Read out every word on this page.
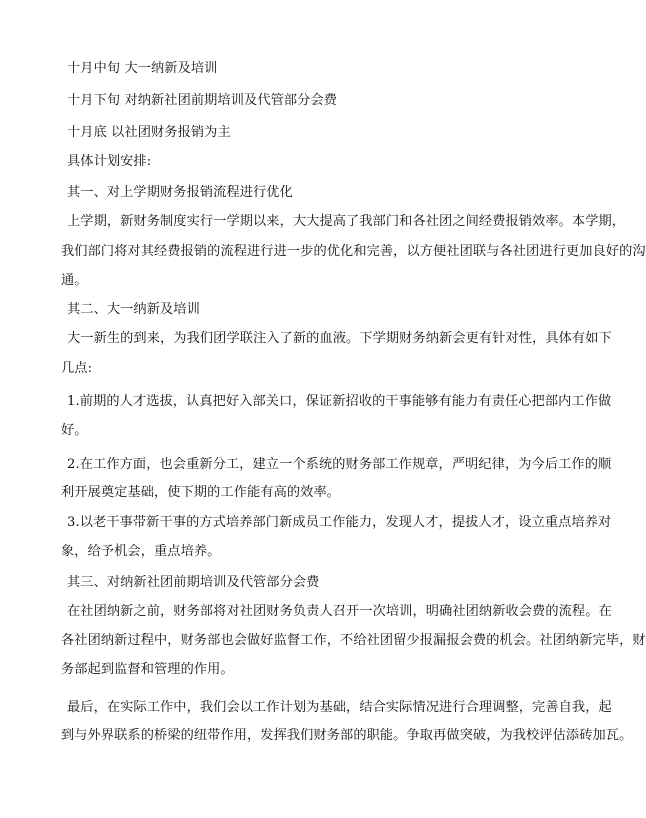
十月中旬 大一纳新及培训
十月下旬 对纳新社团前期培训及代管部分会费
十月底 以社团财务报销为主
具体计划安排:
其一、对上学期财务报销流程进行优化
上学期，新财务制度实行一学期以来，大大提高了我部门和各社团之间经费报销效率。本学期，
我们部门将对其经费报销的流程进行进一步的优化和完善，以方便社团联与各社团进行更加良好的沟
通。
其二、大一纳新及培训
大一新生的到来，为我们团学联注入了新的血液。下学期财务纳新会更有针对性，具体有如下
几点:
1.前期的人才选拔，认真把好入部关口，保证新招收的干事能够有能力有责任心把部内工作做
好。
2.在工作方面，也会重新分工，建立一个系统的财务部工作规章，严明纪律，为今后工作的顺
利开展奠定基础，使下期的工作能有高的效率。
3.以老干事带新干事的方式培养部门新成员工作能力，发现人才，提拔人才，设立重点培养对
象，给予机会，重点培养。
其三、对纳新社团前期培训及代管部分会费
在社团纳新之前，财务部将对社团财务负责人召开一次培训，明确社团纳新收会费的流程。在
各社团纳新过程中，财务部也会做好监督工作，不给社团留少报漏报会费的机会。社团纳新完毕，财
务部起到监督和管理的作用。
最后，在实际工作中，我们会以工作计划为基础，结合实际情况进行合理调整，完善自我，起
到与外界联系的桥梁的纽带作用，发挥我们财务部的职能。争取再做突破，为我校评估添砖加瓦。
